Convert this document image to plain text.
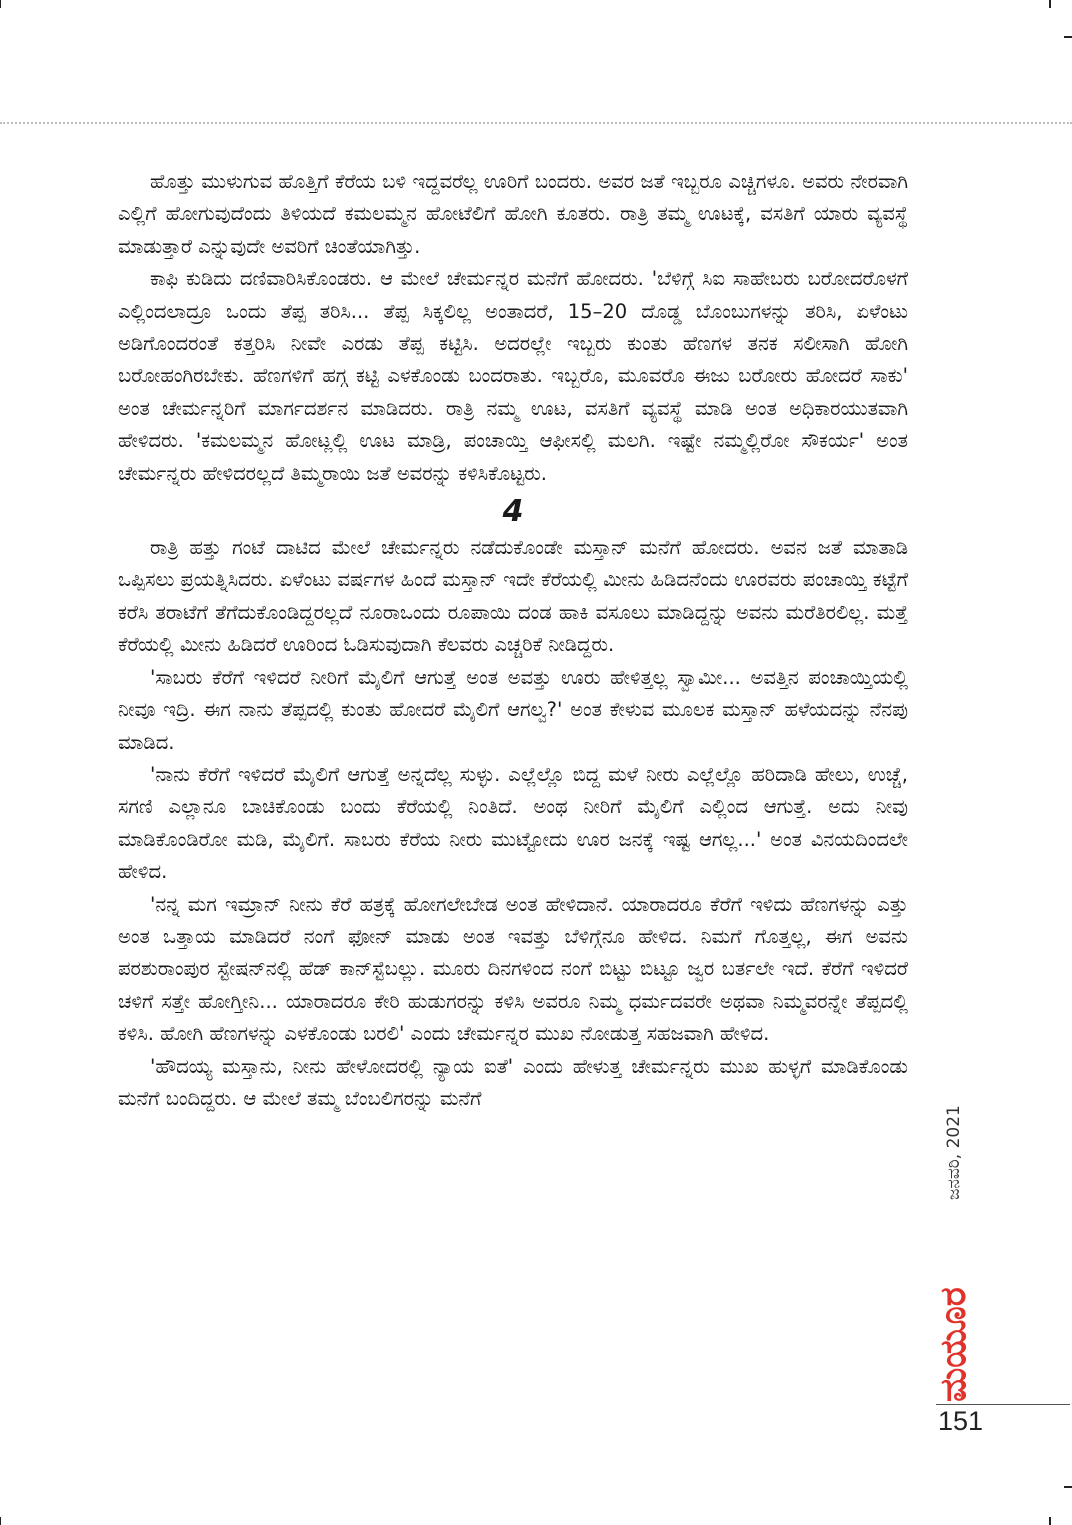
ಹೊತ್ತು ಮುಳುಗುವ ಹೊತ್ತಿಗೆ ಕೆರೆಯ ಬಳಿ ಇದ್ದವರೆಲ್ಲ ಊರಿಗೆ ಬಂದರು. ಅವರ ಜತೆ ಇಬ್ಬರೂ ಎಚ್ಚಿಗಳೂ. ಅವರು ನೇರವಾಗಿ ಎಲ್ಲಿಗೆ ಹೋಗುವುದೆಂದು ತಿಳಿಯದೆ ಕಮಲಮ್ಮನ ಹೋಟೆಲಿಗೆ ಹೋಗಿ ಕೂತರು. ರಾತ್ರಿ ತಮ್ಮ ಊಟಕ್ಕೆ, ವಸತಿಗೆ ಯಾರು ವ್ಯವಸ್ಥೆ ಮಾಡುತ್ತಾರೆ ಎನ್ನುವುದೇ ಅವರಿಗೆ ಚಿಂತೆಯಾಗಿತ್ತು.

ಕಾಫಿ ಕುಡಿದು ದಣಿವಾರಿಸಿಕೊಂಡರು. ಆ ಮೇಲೆ ಚೇರ್ಮನ್ನರ ಮನೆಗೆ ಹೋದರು. 'ಬೆಳಿಗ್ಗೆ ಸಿಐ ಸಾಹೇಬರು ಬರೋದರೊಳಗೆ ಎಲ್ಲಿಂದಲಾದ್ರೂ ಒಂದು ತೆಪ್ಪ ತರಿಸಿ... ತೆಪ್ಪ ಸಿಕ್ಕಲಿಲ್ಲ ಅಂತಾದರೆ, 15–20 ದೊಡ್ಡ ಬೊಂಬುಗಳನ್ನು ತರಿಸಿ, ಏಳೆಂಟು ಅಡಿಗೊಂದರಂತೆ ಕತ್ತರಿಸಿ ನೀವೇ ಎರಡು ತೆಪ್ಪ ಕಟ್ಟಿಸಿ. ಅದರಲ್ಲೇ ಇಬ್ಬರು ಕುಂತು ಹೆಣಗಳ ತನಕ ಸಲೀಸಾಗಿ ಹೋಗಿ ಬರೋಹಂಗಿರಬೇಕು. ಹೆಣಗಳಿಗೆ ಹಗ್ಗ ಕಟ್ಟಿ ಎಳಕೊಂಡು ಬಂದರಾತು. ಇಬ್ಬರೊ, ಮೂವರೊ ಈಜು ಬರೋರು ಹೋದರೆ ಸಾಕು' ಅಂತ ಚೇರ್ಮನ್ನರಿಗೆ ಮಾರ್ಗದರ್ಶನ ಮಾಡಿದರು. ರಾತ್ರಿ ನಮ್ಮ ಊಟ, ವಸತಿಗೆ ವ್ಯವಸ್ಥೆ ಮಾಡಿ ಅಂತ ಅಧಿಕಾರಯುತವಾಗಿ ಹೇಳಿದರು. 'ಕಮಲಮ್ಮನ ಹೋಟ್ಲಲ್ಲಿ ಊಟ ಮಾಡ್ರಿ, ಪಂಚಾಯ್ತಿ ಆಫೀಸಲ್ಲಿ ಮಲಗಿ. ಇಷ್ಟೇ ನಮ್ಮಲ್ಲಿರೋ ಸೌಕರ್ಯ' ಅಂತ ಚೇರ್ಮನ್ನರು ಹೇಳಿದರಲ್ಲದೆ ತಿಮ್ಮರಾಯಿ ಜತೆ ಅವರನ್ನು ಕಳಿಸಿಕೊಟ್ಟರು.

4

ರಾತ್ರಿ ಹತ್ತು ಗಂಟೆ ದಾಟಿದ ಮೇಲೆ ಚೇರ್ಮನ್ನರು ನಡೆದುಕೊಂಡೇ ಮಸ್ತಾನ್ ಮನೆಗೆ ಹೋದರು. ಅವನ ಜತೆ ಮಾತಾಡಿ ಒಪ್ಪಿಸಲು ಪ್ರಯತ್ನಿಸಿದರು. ಏಳೆಂಟು ವರ್ಷಗಳ ಹಿಂದೆ ಮಸ್ತಾನ್ ಇದೇ ಕೆರೆಯಲ್ಲಿ ಮೀನು ಹಿಡಿದನೆಂದು ಊರವರು ಪಂಚಾಯ್ತಿ ಕಟ್ಟೆಗೆ ಕರೆಸಿ ತರಾಟೆಗೆ ತೆಗೆದುಕೊಂಡಿದ್ದರಲ್ಲದೆ ನೂರಾಒಂದು ರೂಪಾಯಿ ದಂಡ ಹಾಕಿ ವಸೂಲು ಮಾಡಿದ್ದನ್ನು ಅವನು ಮರೆತಿರಲಿಲ್ಲ. ಮತ್ತೆ ಕೆರೆಯಲ್ಲಿ ಮೀನು ಹಿಡಿದರೆ ಊರಿಂದ ಓಡಿಸುವುದಾಗಿ ಕೆಲವರು ಎಚ್ಚರಿಕೆ ನೀಡಿದ್ದರು.

'ಸಾಬರು ಕೆರೆಗೆ ಇಳಿದರೆ ನೀರಿಗೆ ಮೈಲಿಗೆ ಆಗುತ್ತೆ ಅಂತ ಅವತ್ತು ಊರು ಹೇಳಿತ್ತಲ್ಲ ಸ್ವಾಮೀ... ಅವತ್ತಿನ ಪಂಚಾಯ್ತಿಯಲ್ಲಿ ನೀವೂ ಇದ್ರಿ. ಈಗ ನಾನು ತೆಪ್ಪದಲ್ಲಿ ಕುಂತು ಹೋದರೆ ಮೈಲಿಗೆ ಆಗಲ್ವ?' ಅಂತ ಕೇಳುವ ಮೂಲಕ ಮಸ್ತಾನ್ ಹಳೆಯದನ್ನು ನೆನಪು ಮಾಡಿದ.

'ನಾನು ಕೆರೆಗೆ ಇಳಿದರೆ ಮೈಲಿಗೆ ಆಗುತ್ತೆ ಅನ್ನದೆಲ್ಲ ಸುಳ್ಳು. ಎಲ್ಲೆಲ್ಲೊ ಬಿದ್ದ ಮಳೆ ನೀರು ಎಲ್ಲೆಲ್ಲೊ ಹರಿದಾಡಿ ಹೇಲು, ಉಚ್ಚೆ, ಸಗಣಿ ಎಲ್ಲಾನೂ ಬಾಚಿಕೊಂಡು ಬಂದು ಕೆರೆಯಲ್ಲಿ ನಿಂತಿದೆ. ಅಂಥ ನೀರಿಗೆ ಮೈಲಿಗೆ ಎಲ್ಲಿಂದ ಆಗುತ್ತೆ. ಅದು ನೀವು ಮಾಡಿಕೊಂಡಿರೋ ಮಡಿ, ಮೈಲಿಗೆ. ಸಾಬರು ಕೆರೆಯ ನೀರು ಮುಟ್ಟೋದು ಊರ ಜನಕ್ಕೆ ಇಷ್ಟ ಆಗಲ್ಲ...' ಅಂತ ವಿನಯದಿಂದಲೇ ಹೇಳಿದ.

'ನನ್ನ ಮಗ ಇಮ್ರಾನ್ ನೀನು ಕೆರೆ ಹತ್ರಕ್ಕೆ ಹೋಗಲೇಬೇಡ ಅಂತ ಹೇಳಿದಾನೆ. ಯಾರಾದರೂ ಕೆರೆಗೆ ಇಳಿದು ಹೆಣಗಳನ್ನು ಎತ್ತು ಅಂತ ಒತ್ತಾಯ ಮಾಡಿದರೆ ನಂಗೆ ಫೋನ್ ಮಾಡು ಅಂತ ಇವತ್ತು ಬೆಳಿಗ್ಗೆನೂ ಹೇಳಿದ. ನಿಮಗೆ ಗೊತ್ತಲ್ಲ, ಈಗ ಅವನು ಪರಶುರಾಂಪುರ ಸ್ಟೇಷನ್‌ನಲ್ಲಿ ಹೆಡ್ ಕಾನ್‌ಸ್ಟೆಬಲ್ಲು. ಮೂರು ದಿನಗಳಿಂದ ನಂಗೆ ಬಿಟ್ಟು ಬಿಟ್ಟೂ ಜ್ವರ ಬರ್ತಲೇ ಇದೆ. ಕೆರೆಗೆ ಇಳಿದರೆ ಚಳಿಗೆ ಸತ್ತೇ ಹೋಗ್ತೀನಿ... ಯಾರಾದರೂ ಕೇರಿ ಹುಡುಗರನ್ನು ಕಳಿಸಿ ಅವರೂ ನಿಮ್ಮ ಧರ್ಮದವರೇ ಅಥವಾ ನಿಮ್ಮವರನ್ನೇ ತೆಪ್ಪದಲ್ಲಿ ಕಳಿಸಿ. ಹೋಗಿ ಹೆಣಗಳನ್ನು ಎಳಕೊಂಡು ಬರಲಿ' ಎಂದು ಚೇರ್ಮನ್ನರ ಮುಖ ನೋಡುತ್ತ ಸಹಜವಾಗಿ ಹೇಳಿದ.

'ಹೌದಯ್ಯ ಮಸ್ತಾನು, ನೀನು ಹೇಳೋದರಲ್ಲಿ ನ್ಯಾಯ ಐತೆ' ಎಂದು ಹೇಳುತ್ತ ಚೇರ್ಮನ್ನರು ಮುಖ ಹುಳ್ಳಗೆ ಮಾಡಿಕೊಂಡು ಮನೆಗೆ ಬಂದಿದ್ದರು. ಆ ಮೇಲೆ ತಮ್ಮ ಬೆಂಬಲಿಗರನ್ನು ಮನೆಗೆ

ಜನವರಿ, 2021
ಮಯೂರ
151
